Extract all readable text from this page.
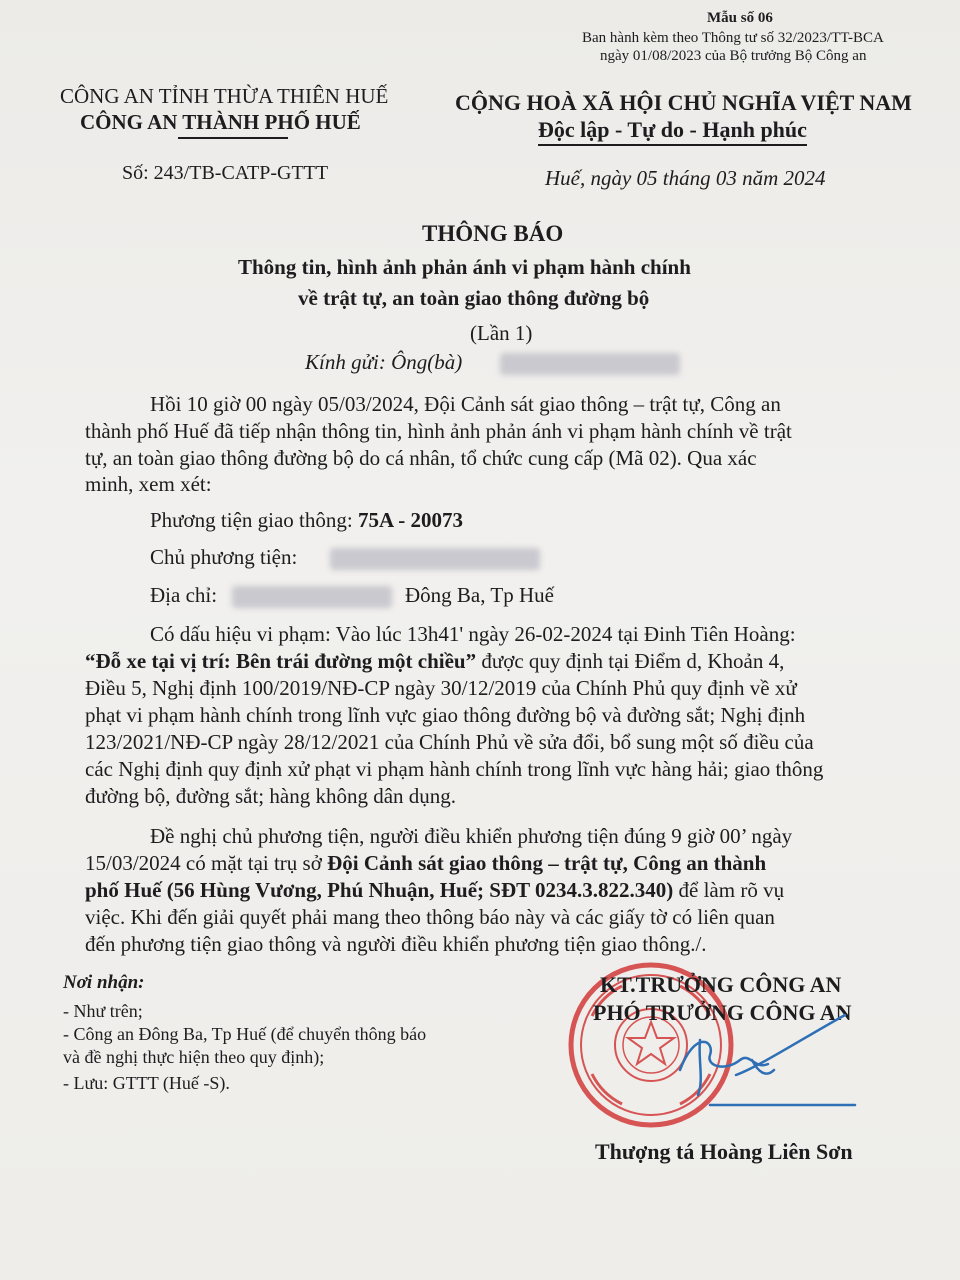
Mẫu số 06
Ban hành kèm theo Thông tư số 32/2023/TT-BCA
ngày 01/08/2023 của Bộ trưởng Bộ Công an
CÔNG AN TỈNH THỪA THIÊN HUẾ
CÔNG AN THÀNH PHỐ HUẾ
Số: 243/TB-CATP-GTTT
CỘNG HOÀ XÃ HỘI CHỦ NGHĨA VIỆT NAM
Độc lập - Tự do - Hạnh phúc
Huế, ngày 05 tháng 03 năm 2024
THÔNG BÁO
Thông tin, hình ảnh phản ánh vi phạm hành chính
về trật tự, an toàn giao thông đường bộ
(Lần 1)
Kính gửi: Ông(bà)
Hồi 10 giờ 00 ngày 05/03/2024, Đội Cảnh sát giao thông – trật tự, Công an
thành phố Huế đã tiếp nhận thông tin, hình ảnh phản ánh vi phạm hành chính về trật
tự, an toàn giao thông đường bộ do cá nhân, tổ chức cung cấp (Mã 02). Qua xác
minh, xem xét:
Phương tiện giao thông: 75A - 20073
Chủ phương tiện:
Địa chỉ:	Đông Ba, Tp Huế
Có dấu hiệu vi phạm: Vào lúc 13h41' ngày 26-02-2024 tại Đinh Tiên Hoàng:
“Đỗ xe tại vị trí: Bên trái đường một chiều” được quy định tại Điểm d, Khoản 4,
Điều 5, Nghị định 100/2019/NĐ-CP ngày 30/12/2019 của Chính Phủ quy định về xử
phạt vi phạm hành chính trong lĩnh vực giao thông đường bộ và đường sắt; Nghị định
123/2021/NĐ-CP ngày 28/12/2021 của Chính Phủ về sửa đổi, bổ sung một số điều của
các Nghị định quy định xử phạt vi phạm hành chính trong lĩnh vực hàng hải; giao thông
đường bộ, đường sắt; hàng không dân dụng.
Đề nghị chủ phương tiện, người điều khiển phương tiện đúng 9 giờ 00’ ngày
15/03/2024 có mặt tại trụ sở Đội Cảnh sát giao thông – trật tự, Công an thành
phố Huế (56 Hùng Vương, Phú Nhuận, Huế; SĐT 0234.3.822.340) để làm rõ vụ
việc. Khi đến giải quyết phải mang theo thông báo này và các giấy tờ có liên quan
đến phương tiện giao thông và người điều khiển phương tiện giao thông./.
Nơi nhận:
- Như trên;
- Công an Đông Ba, Tp Huế (để chuyển thông báo
và đề nghị thực hiện theo quy định);
- Lưu: GTTT (Huế -S).
KT.TRƯỞNG CÔNG AN
PHÓ TRƯỞNG CÔNG AN
Thượng tá Hoàng Liên Sơn
